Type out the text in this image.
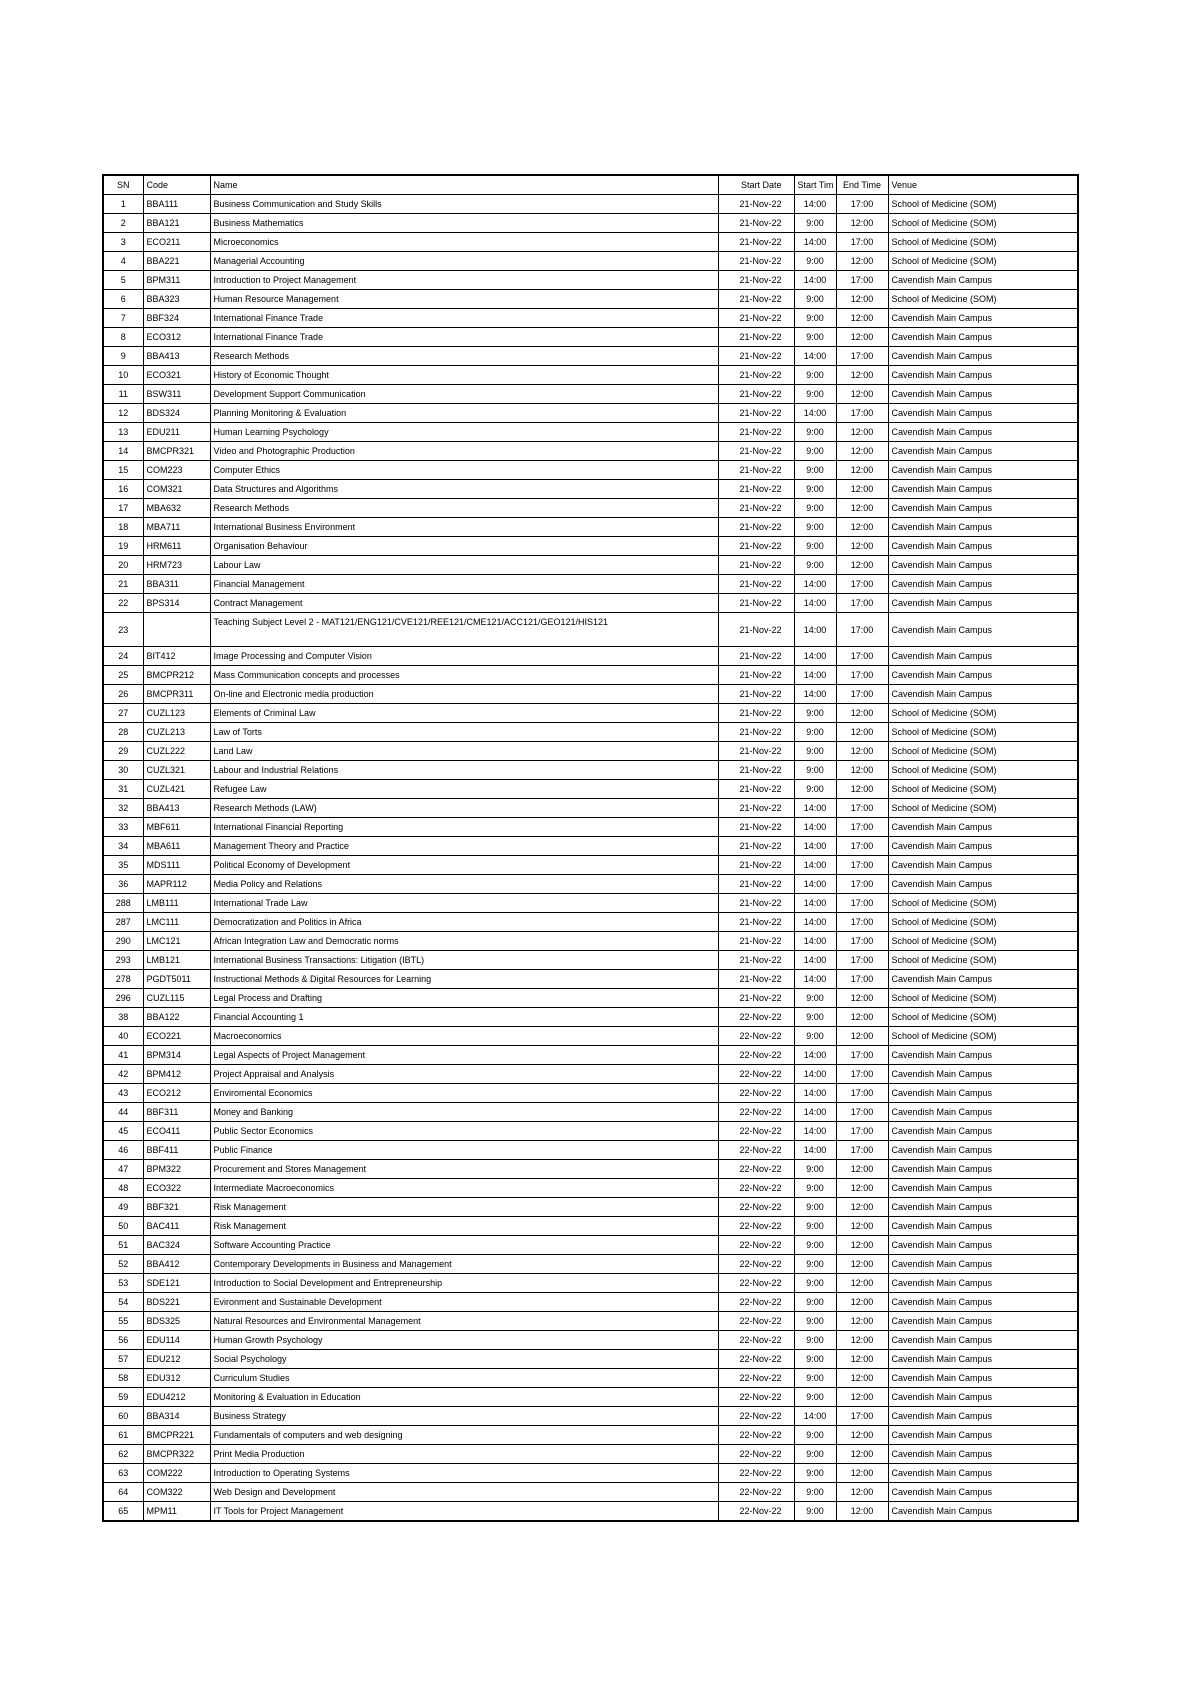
SN	Code	Name	Start Date	Start Tim	End Time	Venue
1	BBA111	Business Communication and Study Skills	21-Nov-22	14:00	17:00	School of Medicine (SOM)
2	BBA121	Business Mathematics	21-Nov-22	9:00	12:00	School of Medicine (SOM)
3	ECO211	Microeconomics	21-Nov-22	14:00	17:00	School of Medicine (SOM)
4	BBA221	Managerial Accounting	21-Nov-22	9:00	12:00	School of Medicine (SOM)
5	BPM311	Introduction to Project Management	21-Nov-22	14:00	17:00	Cavendish Main Campus
6	BBA323	Human Resource Management	21-Nov-22	9:00	12:00	School of Medicine (SOM)
7	BBF324	International Finance Trade	21-Nov-22	9:00	12:00	Cavendish Main Campus
8	ECO312	International Finance Trade	21-Nov-22	9:00	12:00	Cavendish Main Campus
9	BBA413	Research Methods	21-Nov-22	14:00	17:00	Cavendish Main Campus
10	ECO321	History of Economic Thought	21-Nov-22	9:00	12:00	Cavendish Main Campus
11	BSW311	Development Support Communication	21-Nov-22	9:00	12:00	Cavendish Main Campus
12	BDS324	Planning Monitoring & Evaluation	21-Nov-22	14:00	17:00	Cavendish Main Campus
13	EDU211	Human Learning Psychology	21-Nov-22	9:00	12:00	Cavendish Main Campus
14	BMCPR321	Video and Photographic Production	21-Nov-22	9:00	12:00	Cavendish Main Campus
15	COM223	Computer Ethics	21-Nov-22	9:00	12:00	Cavendish Main Campus
16	COM321	Data Structures and Algorithms	21-Nov-22	9:00	12:00	Cavendish Main Campus
17	MBA632	Research Methods	21-Nov-22	9:00	12:00	Cavendish Main Campus
18	MBA711	International Business Environment	21-Nov-22	9:00	12:00	Cavendish Main Campus
19	HRM611	Organisation Behaviour	21-Nov-22	9:00	12:00	Cavendish Main Campus
20	HRM723	Labour Law	21-Nov-22	9:00	12:00	Cavendish Main Campus
21	BBA311	Financial Management	21-Nov-22	14:00	17:00	Cavendish Main Campus
22	BPS314	Contract Management	21-Nov-22	14:00	17:00	Cavendish Main Campus
23		Teaching Subject Level 2 - MAT121/ENG121/CVE121/REE121/CME121/ACC121/GEO121/HIS121	21-Nov-22	14:00	17:00	Cavendish Main Campus
24	BIT412	Image Processing and Computer Vision	21-Nov-22	14:00	17:00	Cavendish Main Campus
25	BMCPR212	Mass Communication concepts and processes	21-Nov-22	14:00	17:00	Cavendish Main Campus
26	BMCPR311	On-line and Electronic media production	21-Nov-22	14:00	17:00	Cavendish Main Campus
27	CUZL123	Elements of Criminal Law	21-Nov-22	9:00	12:00	School of Medicine (SOM)
28	CUZL213	Law of Torts	21-Nov-22	9:00	12:00	School of Medicine (SOM)
29	CUZL222	Land Law	21-Nov-22	9:00	12:00	School of Medicine (SOM)
30	CUZL321	Labour and Industrial Relations	21-Nov-22	9:00	12:00	School of Medicine (SOM)
31	CUZL421	Refugee Law	21-Nov-22	9:00	12:00	School of Medicine (SOM)
32	BBA413	Research Methods (LAW)	21-Nov-22	14:00	17:00	School of Medicine (SOM)
33	MBF611	International Financial Reporting	21-Nov-22	14:00	17:00	Cavendish Main Campus
34	MBA611	Management Theory and Practice	21-Nov-22	14:00	17:00	Cavendish Main Campus
35	MDS111	Political Economy of Development	21-Nov-22	14:00	17:00	Cavendish Main Campus
36	MAPR112	Media Policy and Relations	21-Nov-22	14:00	17:00	Cavendish Main Campus
288	LMB111	International Trade Law	21-Nov-22	14:00	17:00	School of Medicine (SOM)
287	LMC111	Democratization and Politics in Africa	21-Nov-22	14:00	17:00	School of Medicine (SOM)
290	LMC121	African Integration Law and Democratic norms	21-Nov-22	14:00	17:00	School of Medicine (SOM)
293	LMB121	International Business Transactions: Litigation (IBTL)	21-Nov-22	14:00	17:00	School of Medicine (SOM)
278	PGDT5011	Instructional Methods & Digital Resources for Learning	21-Nov-22	14:00	17:00	Cavendish Main Campus
296	CUZL115	Legal Process and Drafting	21-Nov-22	9:00	12:00	School of Medicine (SOM)
38	BBA122	Financial Accounting 1	22-Nov-22	9:00	12:00	School of Medicine (SOM)
40	ECO221	Macroeconomics	22-Nov-22	9:00	12:00	School of Medicine (SOM)
41	BPM314	Legal Aspects of Project Management	22-Nov-22	14:00	17:00	Cavendish Main Campus
42	BPM412	Project Appraisal and Analysis	22-Nov-22	14:00	17:00	Cavendish Main Campus
43	ECO212	Enviromental Economics	22-Nov-22	14:00	17:00	Cavendish Main Campus
44	BBF311	Money and Banking	22-Nov-22	14:00	17:00	Cavendish Main Campus
45	ECO411	Public Sector Economics	22-Nov-22	14:00	17:00	Cavendish Main Campus
46	BBF411	Public Finance	22-Nov-22	14:00	17:00	Cavendish Main Campus
47	BPM322	Procurement and Stores Management	22-Nov-22	9:00	12:00	Cavendish Main Campus
48	ECO322	Intermediate Macroeconomics	22-Nov-22	9:00	12:00	Cavendish Main Campus
49	BBF321	Risk Management	22-Nov-22	9:00	12:00	Cavendish Main Campus
50	BAC411	Risk Management	22-Nov-22	9:00	12:00	Cavendish Main Campus
51	BAC324	Software Accounting Practice	22-Nov-22	9:00	12:00	Cavendish Main Campus
52	BBA412	Contemporary Developments in Business and Management	22-Nov-22	9:00	12:00	Cavendish Main Campus
53	SDE121	Introduction to Social Development and Entrepreneurship	22-Nov-22	9:00	12:00	Cavendish Main Campus
54	BDS221	Evironment and Sustainable Development	22-Nov-22	9:00	12:00	Cavendish Main Campus
55	BDS325	Natural Resources and Environmental Management	22-Nov-22	9:00	12:00	Cavendish Main Campus
56	EDU114	Human Growth Psychology	22-Nov-22	9:00	12:00	Cavendish Main Campus
57	EDU212	Social Psychology	22-Nov-22	9:00	12:00	Cavendish Main Campus
58	EDU312	Curriculum Studies	22-Nov-22	9:00	12:00	Cavendish Main Campus
59	EDU4212	Monitoring & Evaluation in Education	22-Nov-22	9:00	12:00	Cavendish Main Campus
60	BBA314	Business Strategy	22-Nov-22	14:00	17:00	Cavendish Main Campus
61	BMCPR221	Fundamentals of computers and web designing	22-Nov-22	9:00	12:00	Cavendish Main Campus
62	BMCPR322	Print Media Production	22-Nov-22	9:00	12:00	Cavendish Main Campus
63	COM222	Introduction to Operating Systems	22-Nov-22	9:00	12:00	Cavendish Main Campus
64	COM322	Web Design and Development	22-Nov-22	9:00	12:00	Cavendish Main Campus
65	MPM11	IT Tools for Project Management	22-Nov-22	9:00	12:00	Cavendish Main Campus
